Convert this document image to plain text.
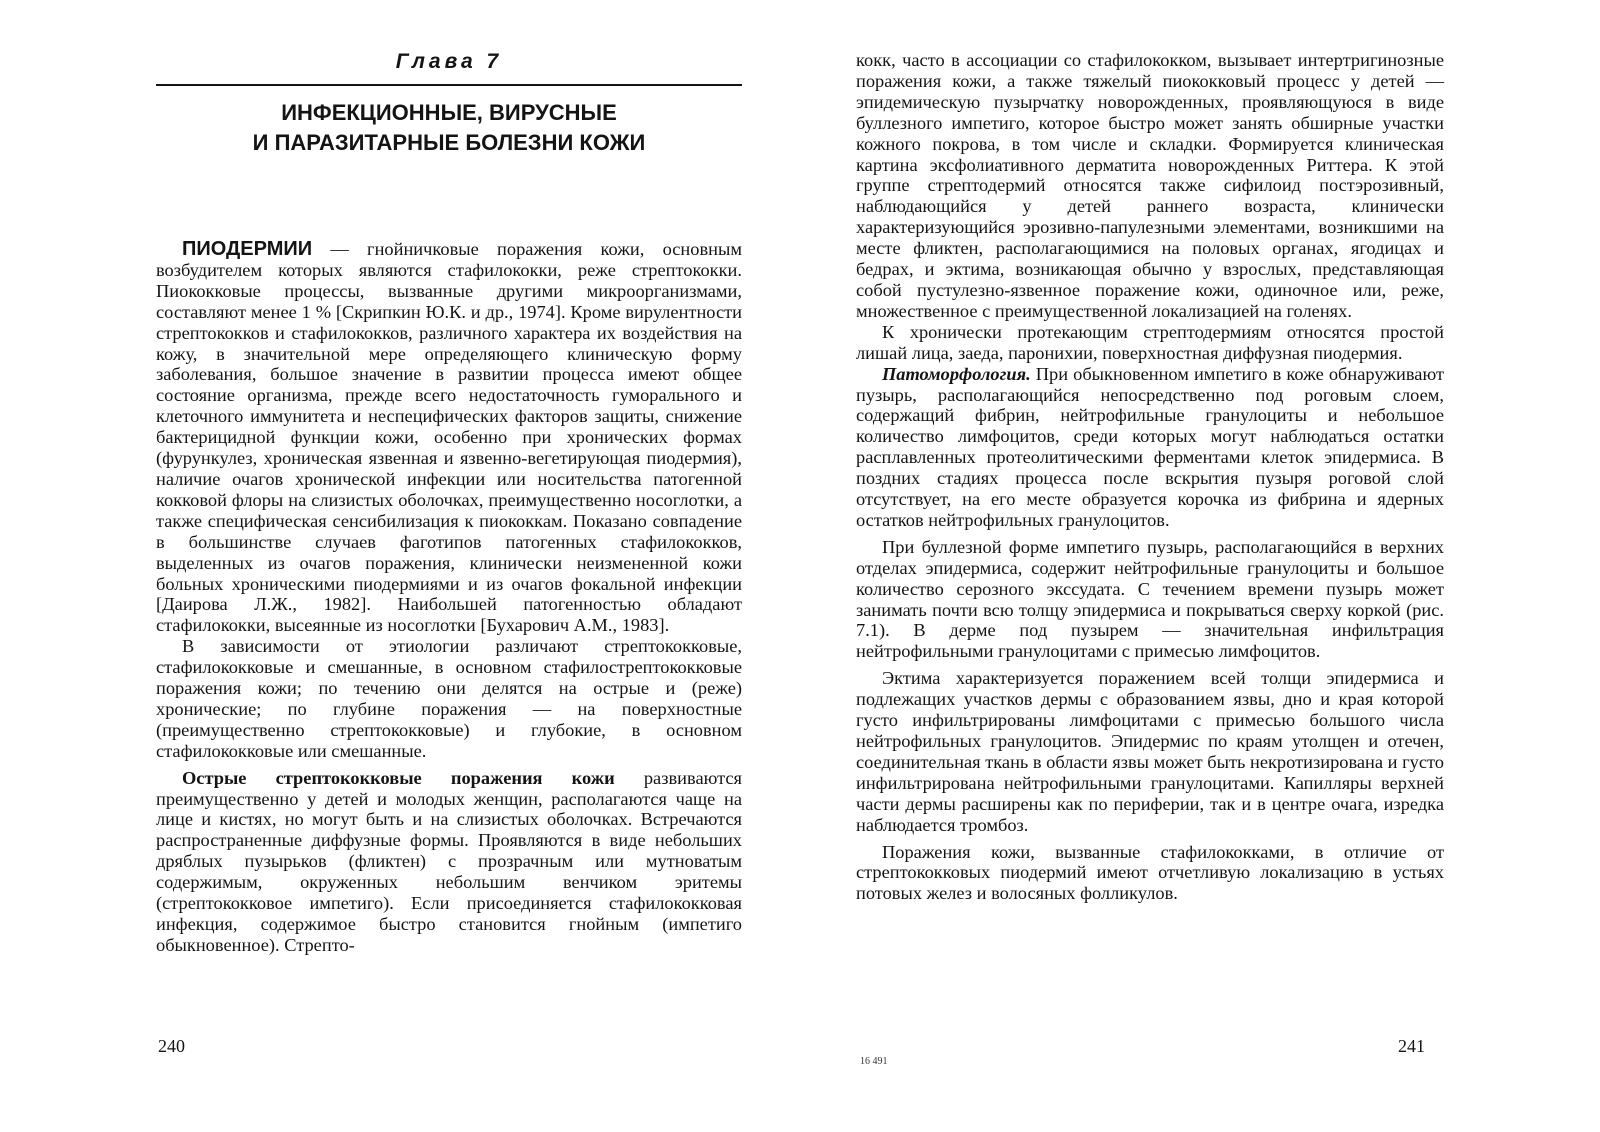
Глава 7
ИНФЕКЦИОННЫЕ, ВИРУСНЫЕ
И ПАРАЗИТАРНЫЕ БОЛЕЗНИ КОЖИ

ПИОДЕРМИИ — гнойничковые поражения кожи, основным возбудителем которых являются стафилококки, реже стрептококки. Пиококковые процессы, вызванные другими микроорганизмами, составляют менее 1 % [Скрипкин Ю.К. и др., 1974]. Кроме вирулентности стрептококков и стафилококков, различного характера их воздействия на кожу, в значительной мере определяющего клиническую форму заболевания, большое значение в развитии процесса имеют общее состояние организма, прежде всего недостаточность гуморального и клеточного иммунитета и неспецифических факторов защиты, снижение бактерицидной функции кожи, особенно при хронических формах (фурункулез, хроническая язвенная и язвенно-вегетирующая пиодермия), наличие очагов хронической инфекции или носительства патогенной кокковой флоры на слизистых оболочках, преимущественно носоглотки, а также специфическая сенсибилизация к пиококкам. Показано совпадение в большинстве случаев фаготипов патогенных стафилококков, выделенных из очагов поражения, клинически неизмененной кожи больных хроническими пиодермиями и из очагов фокальной инфекции [Даирова Л.Ж., 1982]. Наибольшей патогенностью обладают стафилококки, высеянные из носоглотки [Бухарович А.М., 1983].

В зависимости от этиологии различают стрептококковые, стафилококковые и смешанные, в основном стафилострептококковые поражения кожи; по течению они делятся на острые и (реже) хронические; по глубине поражения — на поверхностные (преимущественно стрептококковые) и глубокие, в основном стафилококковые или смешанные.

Острые стрептококковые поражения кожи развиваются преимущественно у детей и молодых женщин, располагаются чаще на лице и кистях, но могут быть и на слизистых оболочках. Встречаются распространенные диффузные формы. Проявляются в виде небольших дряблых пузырьков (фликтен) с прозрачным или мутноватым содержимым, окруженных небольшим венчиком эритемы (стрептококковое импетиго). Если присоединяется стафилококковая инфекция, содержимое быстро становится гнойным (импетиго обыкновенное). Стрепто-

240

кокк, часто в ассоциации со стафилококком, вызывает интертригинозные поражения кожи, а также тяжелый пиококковый процесс у детей — эпидемическую пузырчатку новорожденных, проявляющуюся в виде буллезного импетиго, которое быстро может занять обширные участки кожного покрова, в том числе и складки. Формируется клиническая картина эксфолиативного дерматита новорожденных Риттера. К этой группе стрептодермий относятся также сифилоид постэрозивный, наблюдающийся у детей раннего возраста, клинически характеризующийся эрозивно-папулезными элементами, возникшими на месте фликтен, располагающимися на половых органах, ягодицах и бедрах, и эктима, возникающая обычно у взрослых, представляющая собой пустулезно-язвенное поражение кожи, одиночное или, реже, множественное с преимущественной локализацией на голенях.

К хронически протекающим стрептодермиям относятся простой лишай лица, заеда, паронихии, поверхностная диффузная пиодермия.

Патоморфология. При обыкновенном импетиго в коже обнаруживают пузырь, располагающийся непосредственно под роговым слоем, содержащий фибрин, нейтрофильные гранулоциты и небольшое количество лимфоцитов, среди которых могут наблюдаться остатки расплавленных протеолитическими ферментами клеток эпидермиса. В поздних стадиях процесса после вскрытия пузыря роговой слой отсутствует, на его месте образуется корочка из фибрина и ядерных остатков нейтрофильных гранулоцитов.

При буллезной форме импетиго пузырь, располагающийся в верхних отделах эпидермиса, содержит нейтрофильные гранулоциты и большое количество серозного экссудата. С течением времени пузырь может занимать почти всю толщу эпидермиса и покрываться сверху коркой (рис. 7.1). В дерме под пузырем — значительная инфильтрация нейтрофильными гранулоцитами с примесью лимфоцитов.

Эктима характеризуется поражением всей толщи эпидермиса и подлежащих участков дермы с образованием язвы, дно и края которой густо инфильтрированы лимфоцитами с примесью большого числа нейтрофильных гранулоцитов. Эпидермис по краям утолщен и отечен, соединительная ткань в области язвы может быть некротизирована и густо инфильтрирована нейтрофильными гранулоцитами. Капилляры верхней части дермы расширены как по периферии, так и в центре очага, изредка наблюдается тромбоз.

Поражения кожи, вызванные стафилококками, в отличие от стрептококковых пиодермий имеют отчетливую локализацию в устьях потовых желез и волосяных фолликулов.

241
16 491
